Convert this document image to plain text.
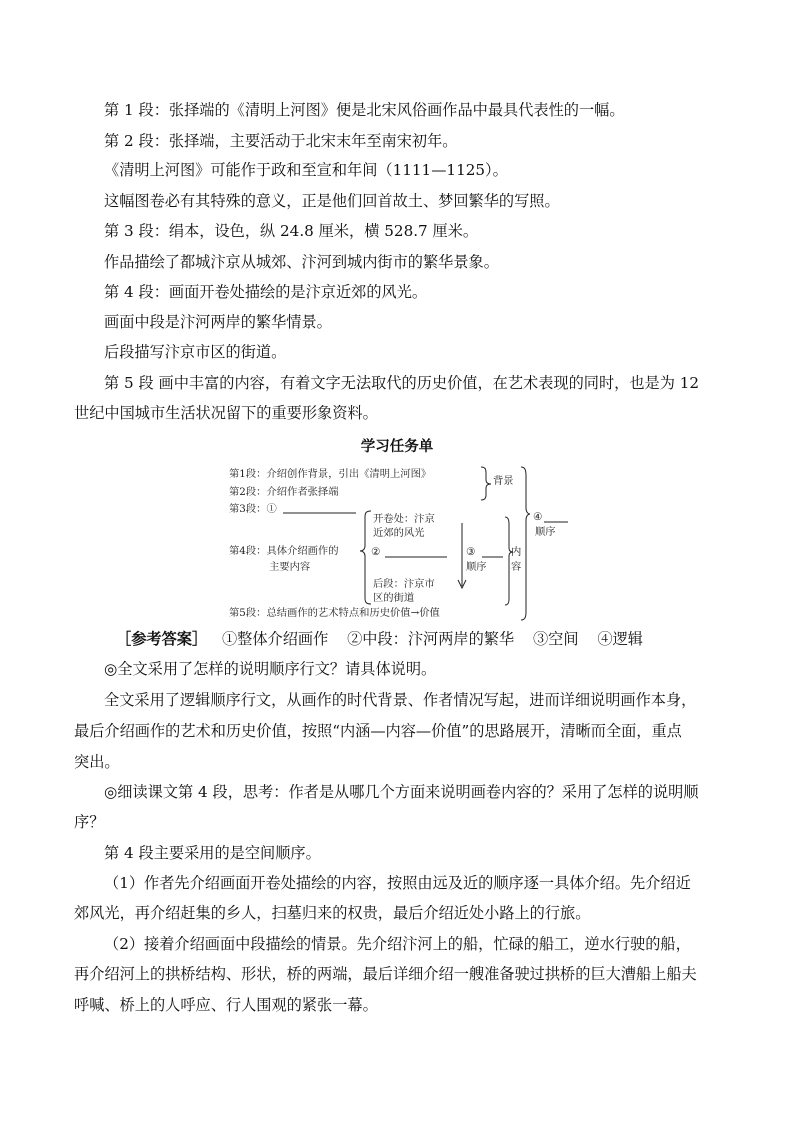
第 1 段：张择端的《清明上河图》便是北宋风俗画作品中最具代表性的一幅。
第 2 段：张择端，主要活动于北宋末年至南宋初年。
《清明上河图》可能作于政和至宣和年间（1111—1125）。
这幅图卷必有其特殊的意义，正是他们回首故土、梦回繁华的写照。
第 3 段：绢本，设色，纵 24.8 厘米，横 528.7 厘米。
作品描绘了都城汴京从城郊、汴河到城内街市的繁华景象。
第 4 段：画面开卷处描绘的是汴京近郊的风光。
画面中段是汴河两岸的繁华情景。
后段描写汴京市区的街道。
第 5 段 画中丰富的内容，有着文字无法取代的历史价值，在艺术表现的同时，也是为 12
世纪中国城市生活状况留下的重要形象资料。
学习任务单
第1段：介绍创作背景，引出《清明上河图》
第2段：介绍作者张择端
第3段：①
第4段：具体介绍画作的
主要内容
第5段：总结画作的艺术特点和历史价值→价值
背景
开卷处：汴京
近郊的风光
②
后段：汴京市
区的街道
③
顺序
内
容
④
顺序
［参考答案］ ①整体介绍画作 ②中段：汴河两岸的繁华 ③空间 ④逻辑
◎全文采用了怎样的说明顺序行文？请具体说明。
全文采用了逻辑顺序行文，从画作的时代背景、作者情况写起，进而详细说明画作本身，
最后介绍画作的艺术和历史价值，按照“内涵—内容—价值”的思路展开，清晰而全面，重点
突出。
◎细读课文第 4 段，思考：作者是从哪几个方面来说明画卷内容的？采用了怎样的说明顺
序？
第 4 段主要采用的是空间顺序。
（1）作者先介绍画面开卷处描绘的内容，按照由远及近的顺序逐一具体介绍。先介绍近
郊风光，再介绍赶集的乡人，扫墓归来的权贵，最后介绍近处小路上的行旅。
（2）接着介绍画面中段描绘的情景。先介绍汴河上的船，忙碌的船工，逆水行驶的船，
再介绍河上的拱桥结构、形状，桥的两端，最后详细介绍一艘准备驶过拱桥的巨大漕船上船夫
呼喊、桥上的人呼应、行人围观的紧张一幕。
